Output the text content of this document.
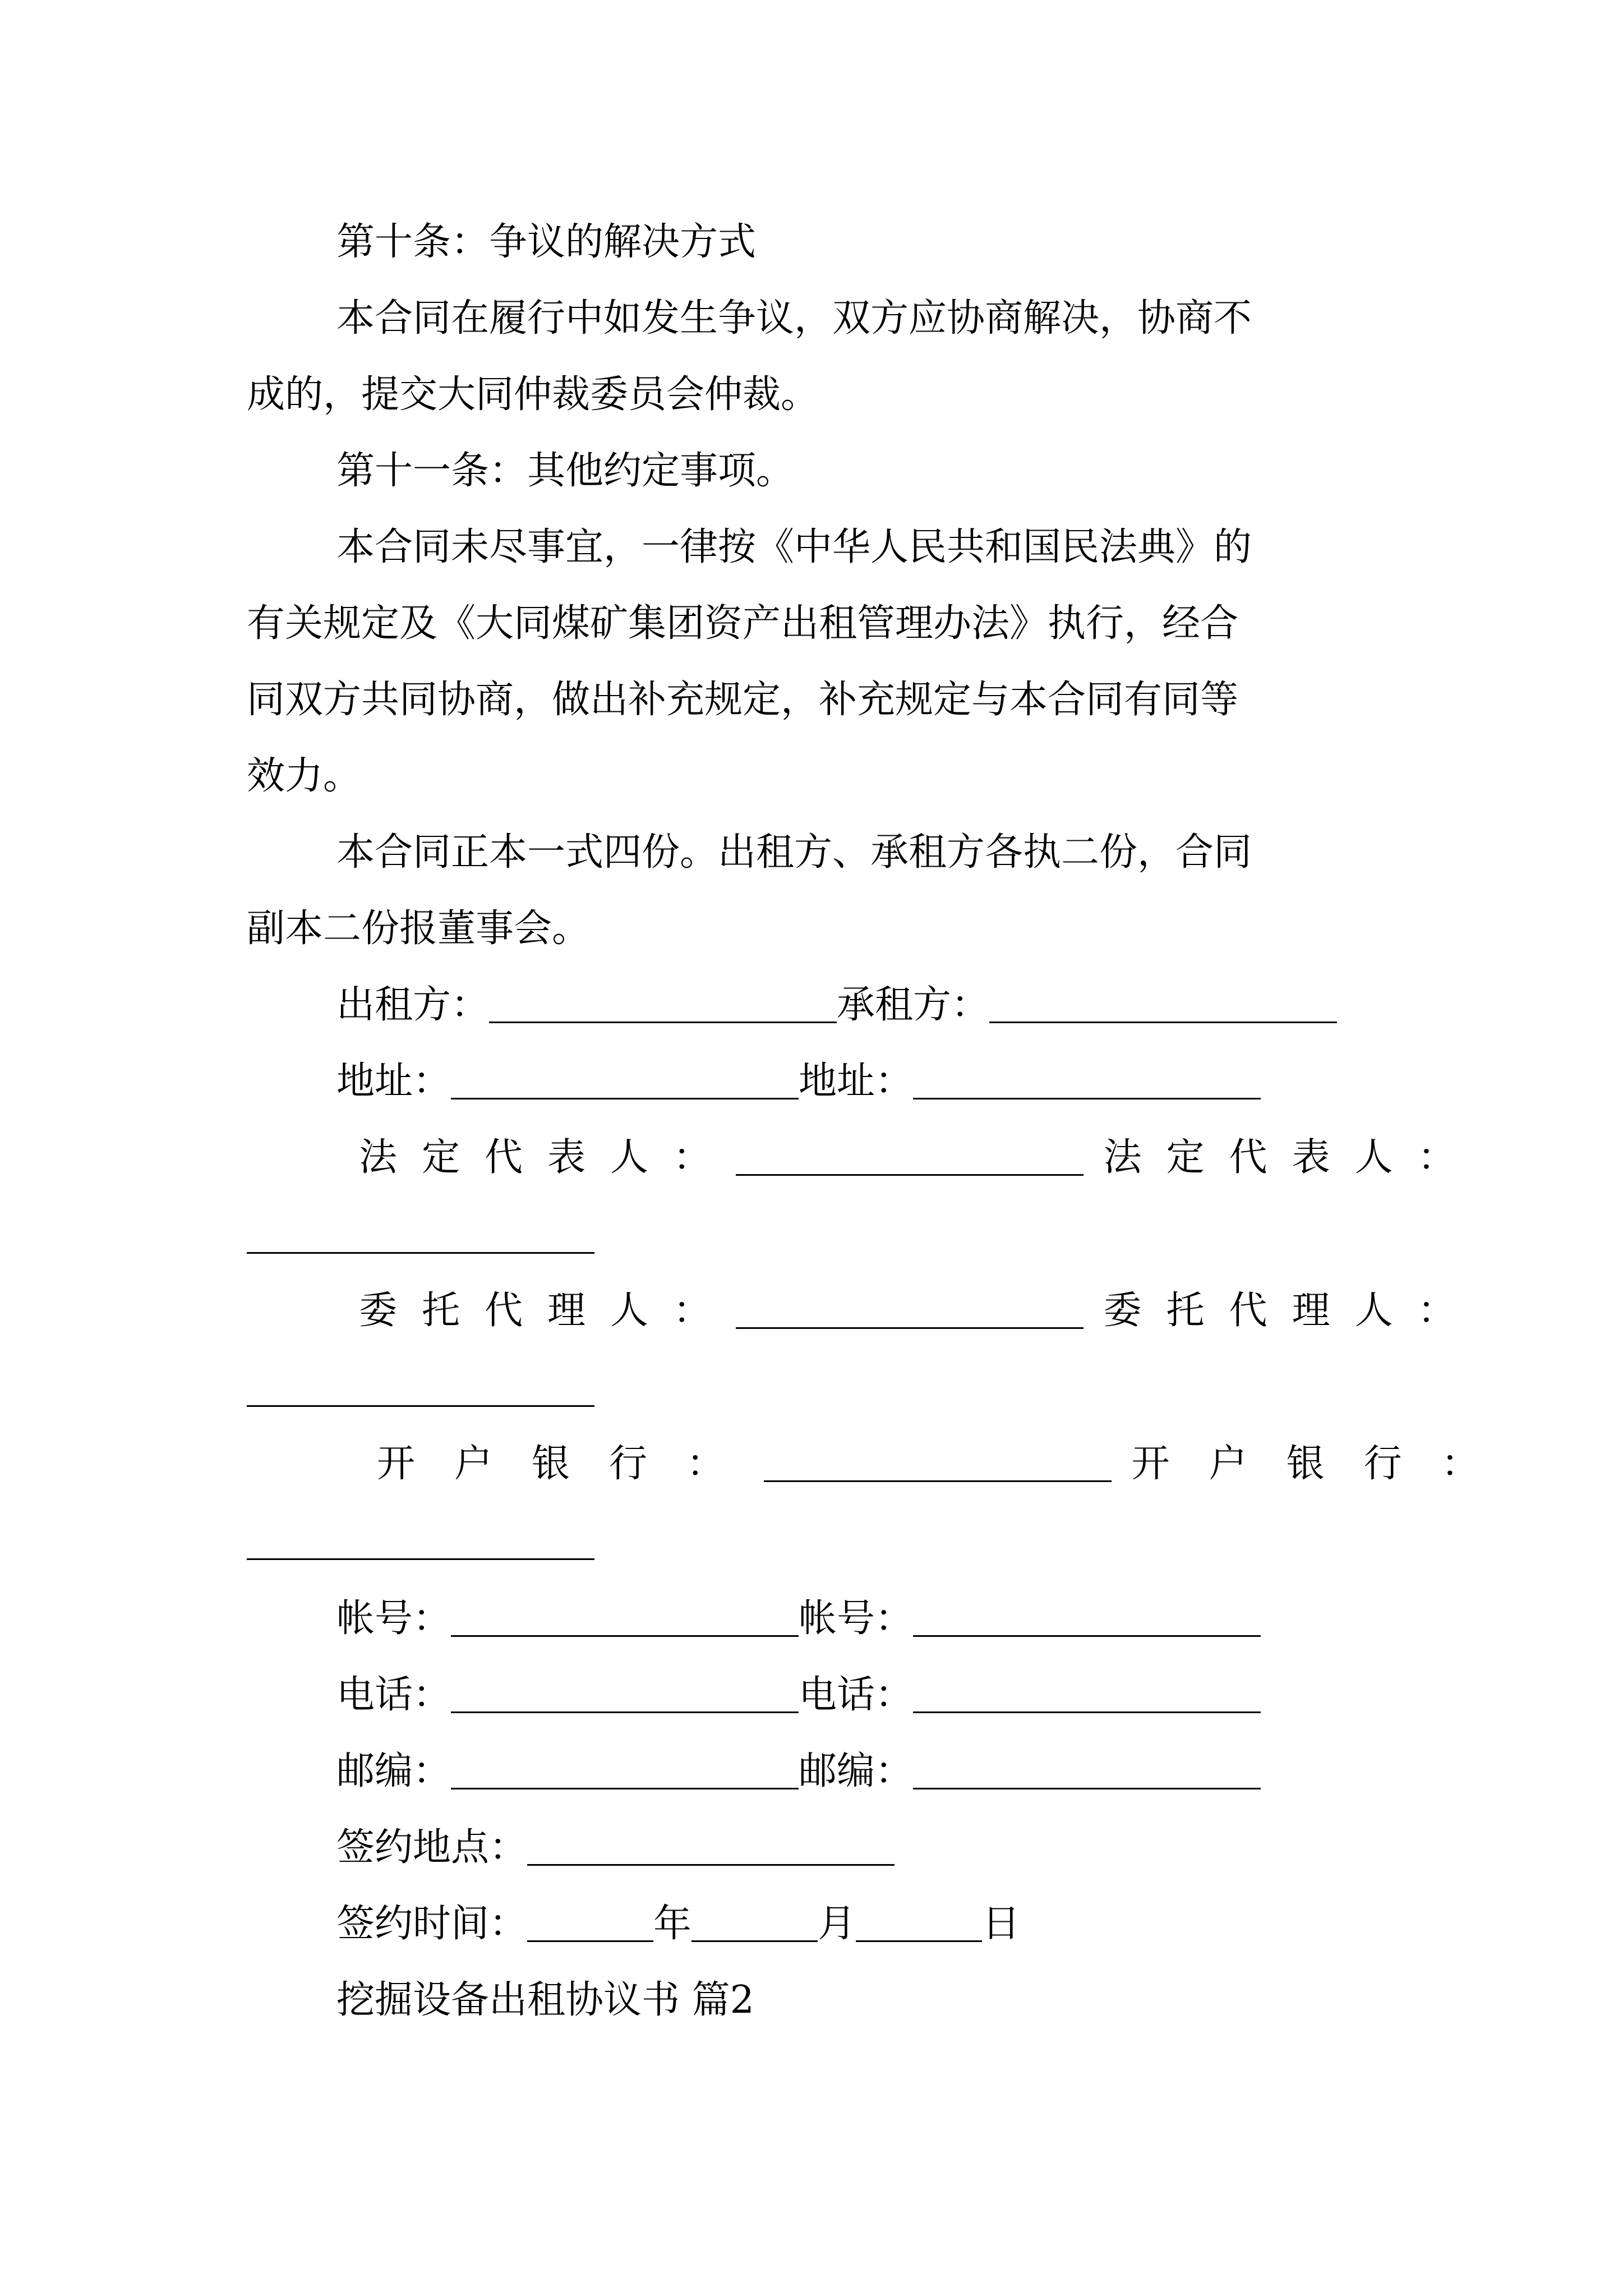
第十条：争议的解决方式
本合同在履行中如发生争议，双方应协商解决，协商不
成的，提交大同仲裁委员会仲裁。
第十一条：其他约定事项。
本合同未尽事宜，一律按《中华人民共和国民法典》的
有关规定及《大同煤矿集团资产出租管理办法》执行，经合
同双方共同协商，做出补充规定，补充规定与本合同有同等
效力。
本合同正本一式四份。出租方、承租方各执二份，合同
副本二份报董事会。
出租方：	承租方：
地址：	地址：
法定代表人：	法定代表人：
委托代理人：	委托代理人：
开户银行：	开户银行：
帐号：	帐号：
电话：	电话：
邮编：	邮编：
签约地点：
签约时间：	年	月	日
挖掘设备出租协议书 篇2
